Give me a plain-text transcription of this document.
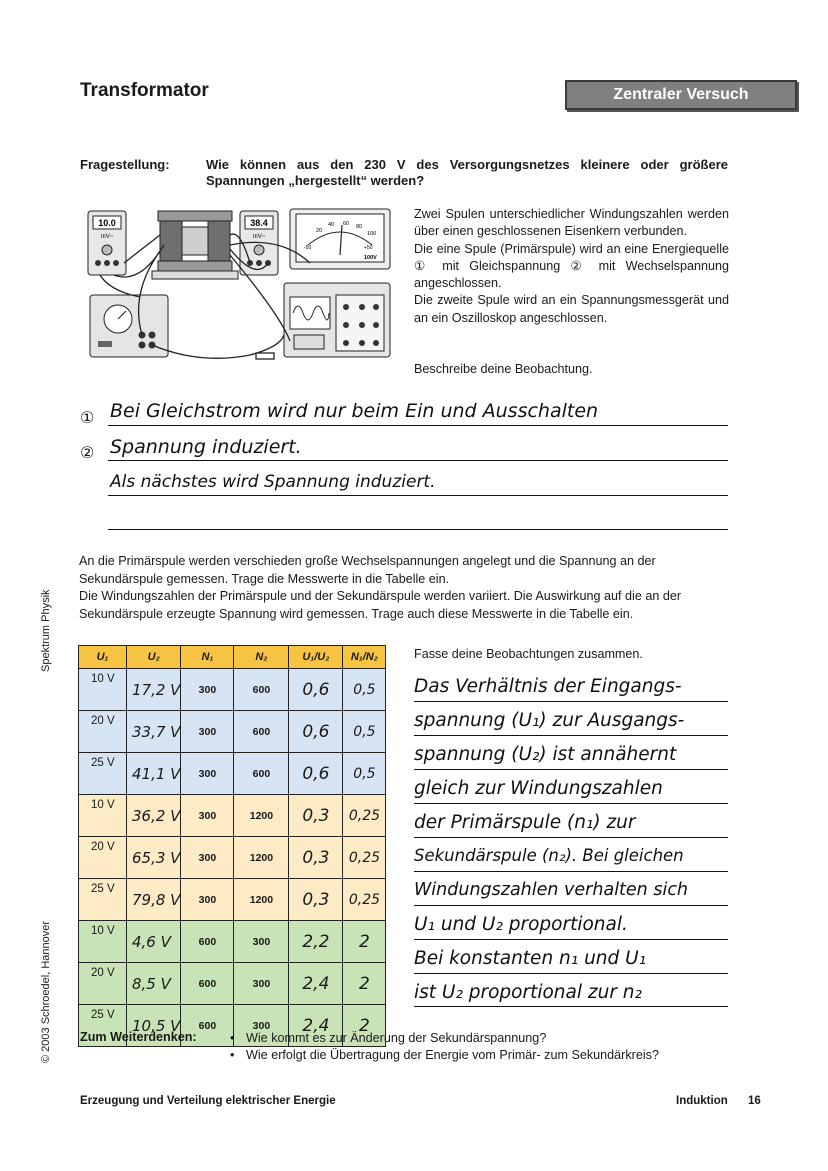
Transformator	Zentraler Versuch
Fragestellung:	Wie können aus den 230 V des Versorgungsnetzes kleinere oder größere Spannungen „hergestellt“ werden?
10.0
mV~
38.4
mV~
20
40 60 80
100
-50	+50
100V

Zwei Spulen unterschiedlicher Windungszahlen werden über einen geschlossenen Eisenkern verbunden.

Die eine Spule (Primärspule) wird an eine Energiequelle ① mit Gleichspannung ② mit Wechselspannung angeschlossen.

Die zweite Spule wird an ein Spannungsmessgerät und an ein Oszilloskop angeschlossen.

Beschreibe deine Beobachtung.
①
②
Bei Gleichstrom wird nur beim Ein und Ausschalten
Spannung induziert.
Als nächstes wird Spannung induziert.

An die Primärspule werden verschieden große Wechselspannungen angelegt und die Spannung an der Sekundärspule gemessen. Trage die Messwerte in die Tabelle ein.

Die Windungszahlen der Primärspule und der Sekundärspule werden variiert. Die Auswirkung auf die an der Sekundärspule erzeugte Spannung wird gemessen. Trage auch diese Messwerte in die Tabelle ein.

U₁	U₂	N₁	N₂	U₁/U₂	N₁/N₂
10 V	17,2 V	300	600	0,6	0,5
20 V	33,7 V	300	600	0,6	0,5
25 V	41,1 V	300	600	0,6	0,5
10 V	36,2 V	300	1200	0,3	0,25
20 V	65,3 V	300	1200	0,3	0,25
25 V	79,8 V	300	1200	0,3	0,25
10 V	4,6 V	600	300	2,2	2
20 V	8,5 V	600	300	2,4	2
25 V	10,5 V	600	300	2,4	2
Fasse deine Beobachtungen zusammen.
Das Verhältnis der Eingangs-
spannung (U₁) zur Ausgangs-
spannung (U₂) ist annähernt
gleich zur Windungszahlen
der Primärspule (n₁) zur
Sekundärspule (n₂). Bei gleichen
Windungszahlen verhalten sich
U₁ und U₂ proportional.
Bei konstanten n₁ und U₁
ist U₂ proportional zur n₂
Zum Weiterdenken:	• Wie kommt es zur Änderung der Sekundärspannung?
• Wie erfolgt die Übertragung der Energie vom Primär- zum Sekundärkreis?
Erzeugung und Verteilung elektrischer Energie	Induktion 16
Spektrum Physik
© 2003 Schroedel, Hannover
